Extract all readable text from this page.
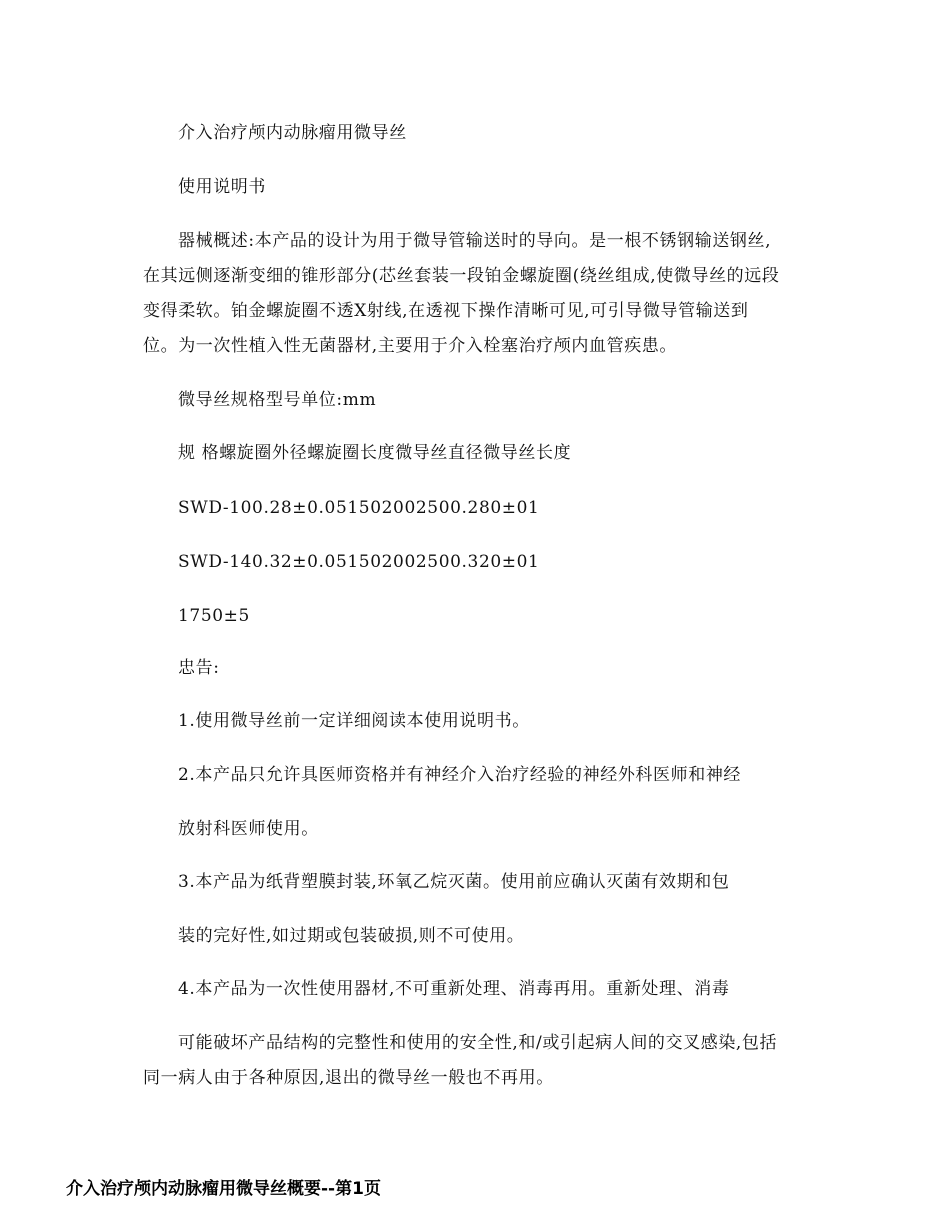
介入治疗颅内动脉瘤用微导丝
使用说明书
器械概述:本产品的设计为用于微导管输送时的导向。是一根不锈钢输送钢丝,
在其远侧逐渐变细的锥形部分(芯丝套装一段铂金螺旋圈(绕丝组成,使微导丝的远段
变得柔软。铂金螺旋圈不透X射线,在透视下操作清晰可见,可引导微导管输送到
位。为一次性植入性无菌器材,主要用于介入栓塞治疗颅内血管疾患。
微导丝规格型号单位:mm
规 格螺旋圈外径螺旋圈长度微导丝直径微导丝长度
SWD-100.28±0.051502002500.280±01
SWD-140.32±0.051502002500.320±01
1750±5
忠告:
1.使用微导丝前一定详细阅读本使用说明书。
2.本产品只允许具医师资格并有神经介入治疗经验的神经外科医师和神经
放射科医师使用。
3.本产品为纸背塑膜封装,环氧乙烷灭菌。使用前应确认灭菌有效期和包
装的完好性,如过期或包装破损,则不可使用。
4.本产品为一次性使用器材,不可重新处理、消毒再用。重新处理、消毒
可能破坏产品结构的完整性和使用的安全性,和/或引起病人间的交叉感染,包括
同一病人由于各种原因,退出的微导丝一般也不再用。
介入治疗颅内动脉瘤用微导丝概要--第1页
